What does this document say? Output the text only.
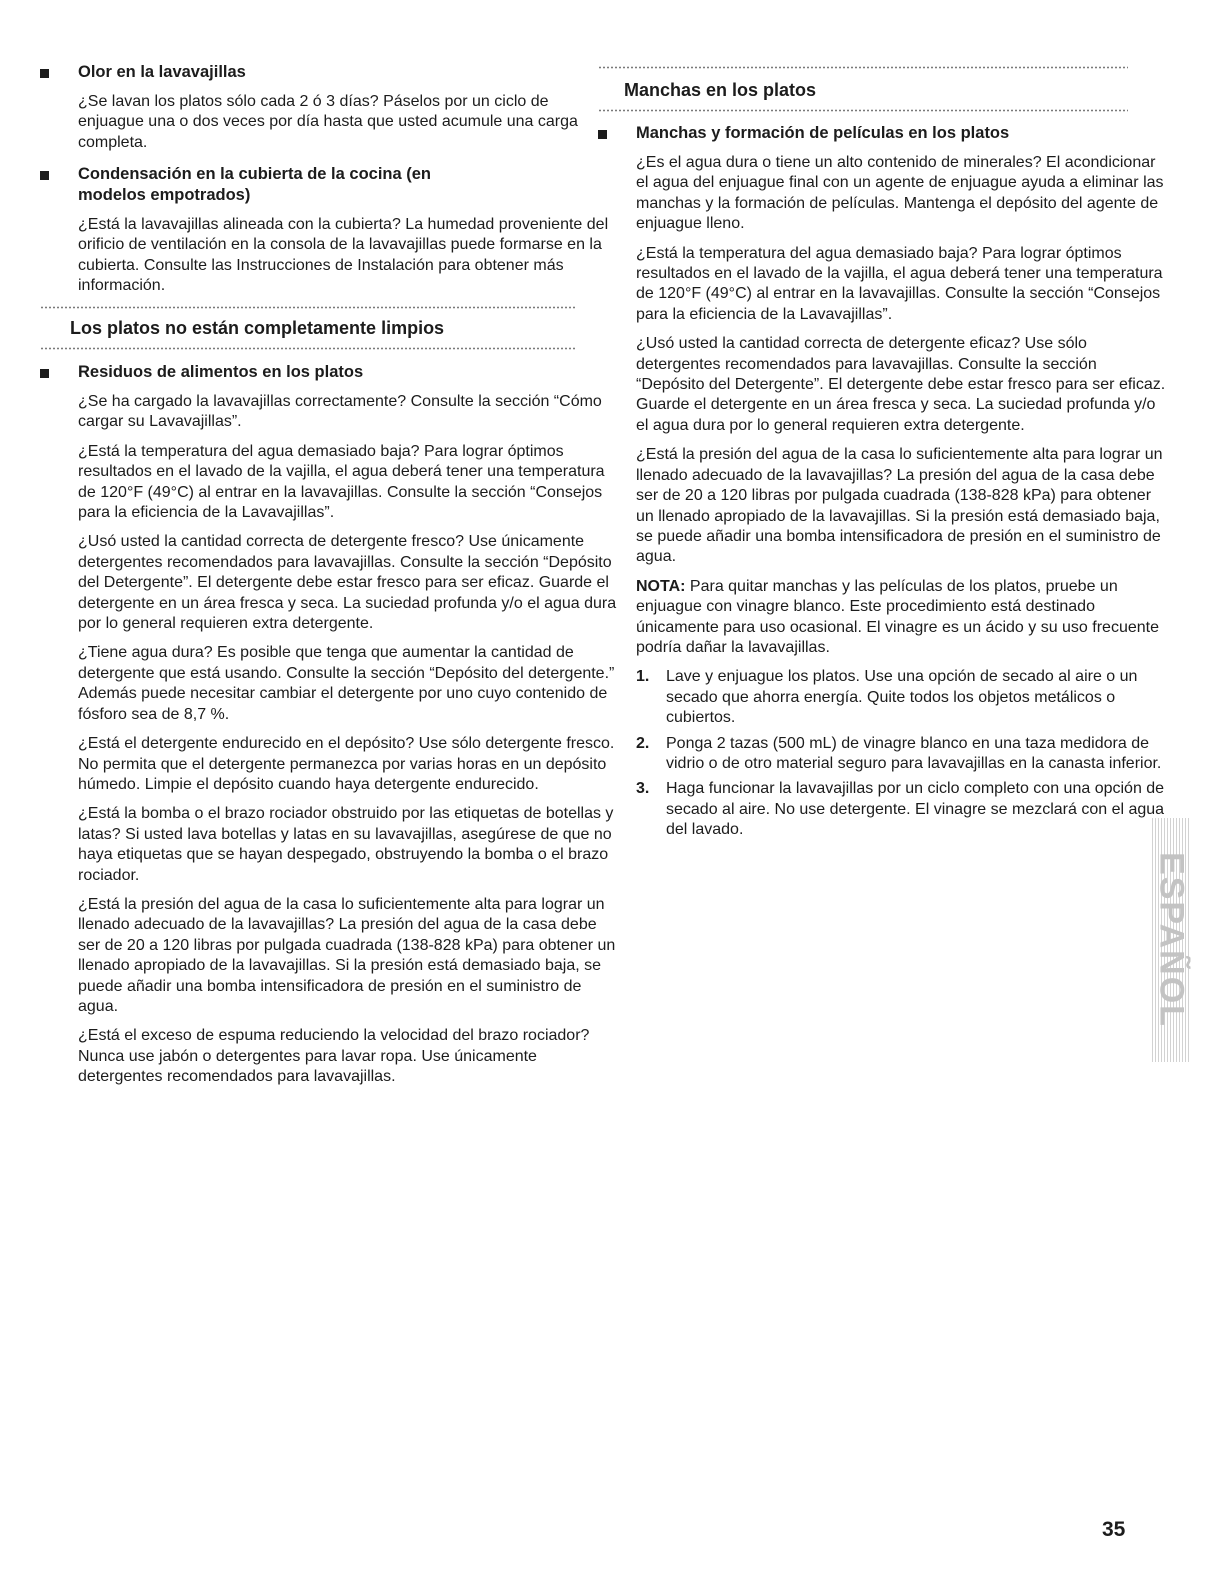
Olor en la lavavajillas

¿Se lavan los platos sólo cada 2 ó 3 días? Páselos por un ciclo de enjuague una o dos veces por día hasta que usted acumule una carga completa.

Condensación en la cubierta de la cocina (en modelos empotrados)

¿Está la lavavajillas alineada con la cubierta? La humedad proveniente del orificio de ventilación en la consola de la lavavajillas puede formarse en la cubierta. Consulte las Instrucciones de Instalación para obtener más información.

Los platos no están completamente limpios

Residuos de alimentos en los platos

¿Se ha cargado la lavavajillas correctamente? Consulte la sección “Cómo cargar su Lavavajillas”.

¿Está la temperatura del agua demasiado baja? Para lograr óptimos resultados en el lavado de la vajilla, el agua deberá tener una temperatura de 120°F (49°C) al entrar en la lavavajillas. Consulte la sección “Consejos para la eficiencia de la Lavavajillas”.

¿Usó usted la cantidad correcta de detergente fresco? Use únicamente detergentes recomendados para lavavajillas. Consulte la sección “Depósito del Detergente”. El detergente debe estar fresco para ser eficaz. Guarde el detergente en un área fresca y seca. La suciedad profunda y/o el agua dura por lo general requieren extra detergente.

¿Tiene agua dura? Es posible que tenga que aumentar la cantidad de detergente que está usando. Consulte la sección “Depósito del detergente.” Además puede necesitar cambiar el detergente por uno cuyo contenido de fósforo sea de 8,7 %.

¿Está el detergente endurecido en el depósito? Use sólo detergente fresco. No permita que el detergente permanezca por varias horas en un depósito húmedo. Limpie el depósito cuando haya detergente endurecido.

¿Está la bomba o el brazo rociador obstruido por las etiquetas de botellas y latas? Si usted lava botellas y latas en su lavavajillas, asegúrese de que no haya etiquetas que se hayan despegado, obstruyendo la bomba o el brazo rociador.

¿Está la presión del agua de la casa lo suficientemente alta para lograr un llenado adecuado de la lavavajillas? La presión del agua de la casa debe ser de 20 a 120 libras por pulgada cuadrada (138-828 kPa) para obtener un llenado apropiado de la lavavajillas. Si la presión está demasiado baja, se puede añadir una bomba intensificadora de presión en el suministro de agua.

¿Está el exceso de espuma reduciendo la velocidad del brazo rociador? Nunca use jabón o detergentes para lavar ropa. Use únicamente detergentes recomendados para lavavajillas.

Manchas en los platos

Manchas y formación de películas en los platos

¿Es el agua dura o tiene un alto contenido de minerales? El acondicionar el agua del enjuague final con un agente de enjuague ayuda a eliminar las manchas y la formación de películas. Mantenga el depósito del agente de enjuague lleno.

¿Está la temperatura del agua demasiado baja? Para lograr óptimos resultados en el lavado de la vajilla, el agua deberá tener una temperatura de 120°F (49°C) al entrar en la lavavajillas. Consulte la sección “Consejos para la eficiencia de la Lavavajillas”.

¿Usó usted la cantidad correcta de detergente eficaz? Use sólo detergentes recomendados para lavavajillas. Consulte la sección “Depósito del Detergente”. El detergente debe estar fresco para ser eficaz. Guarde el detergente en un área fresca y seca. La suciedad profunda y/o el agua dura por lo general requieren extra detergente.

¿Está la presión del agua de la casa lo suficientemente alta para lograr un llenado adecuado de la lavavajillas? La presión del agua de la casa debe ser de 20 a 120 libras por pulgada cuadrada (138-828 kPa) para obtener un llenado apropiado de la lavavajillas. Si la presión está demasiado baja, se puede añadir una bomba intensificadora de presión en el suministro de agua.

NOTA: Para quitar manchas y las películas de los platos, pruebe un enjuague con vinagre blanco. Este procedimiento está destinado únicamente para uso ocasional. El vinagre es un ácido y su uso frecuente podría dañar la lavavajillas.

1. Lave y enjuague los platos. Use una opción de secado al aire o un secado que ahorra energía. Quite todos los objetos metálicos o cubiertos.

2. Ponga 2 tazas (500 mL) de vinagre blanco en una taza medidora de vidrio o de otro material seguro para lavavajillas en la canasta inferior.

3. Haga funcionar la lavavajillas por un ciclo completo con una opción de secado al aire. No use detergente. El vinagre se mezclará con el agua del lavado.

ESPAÑOL
35
